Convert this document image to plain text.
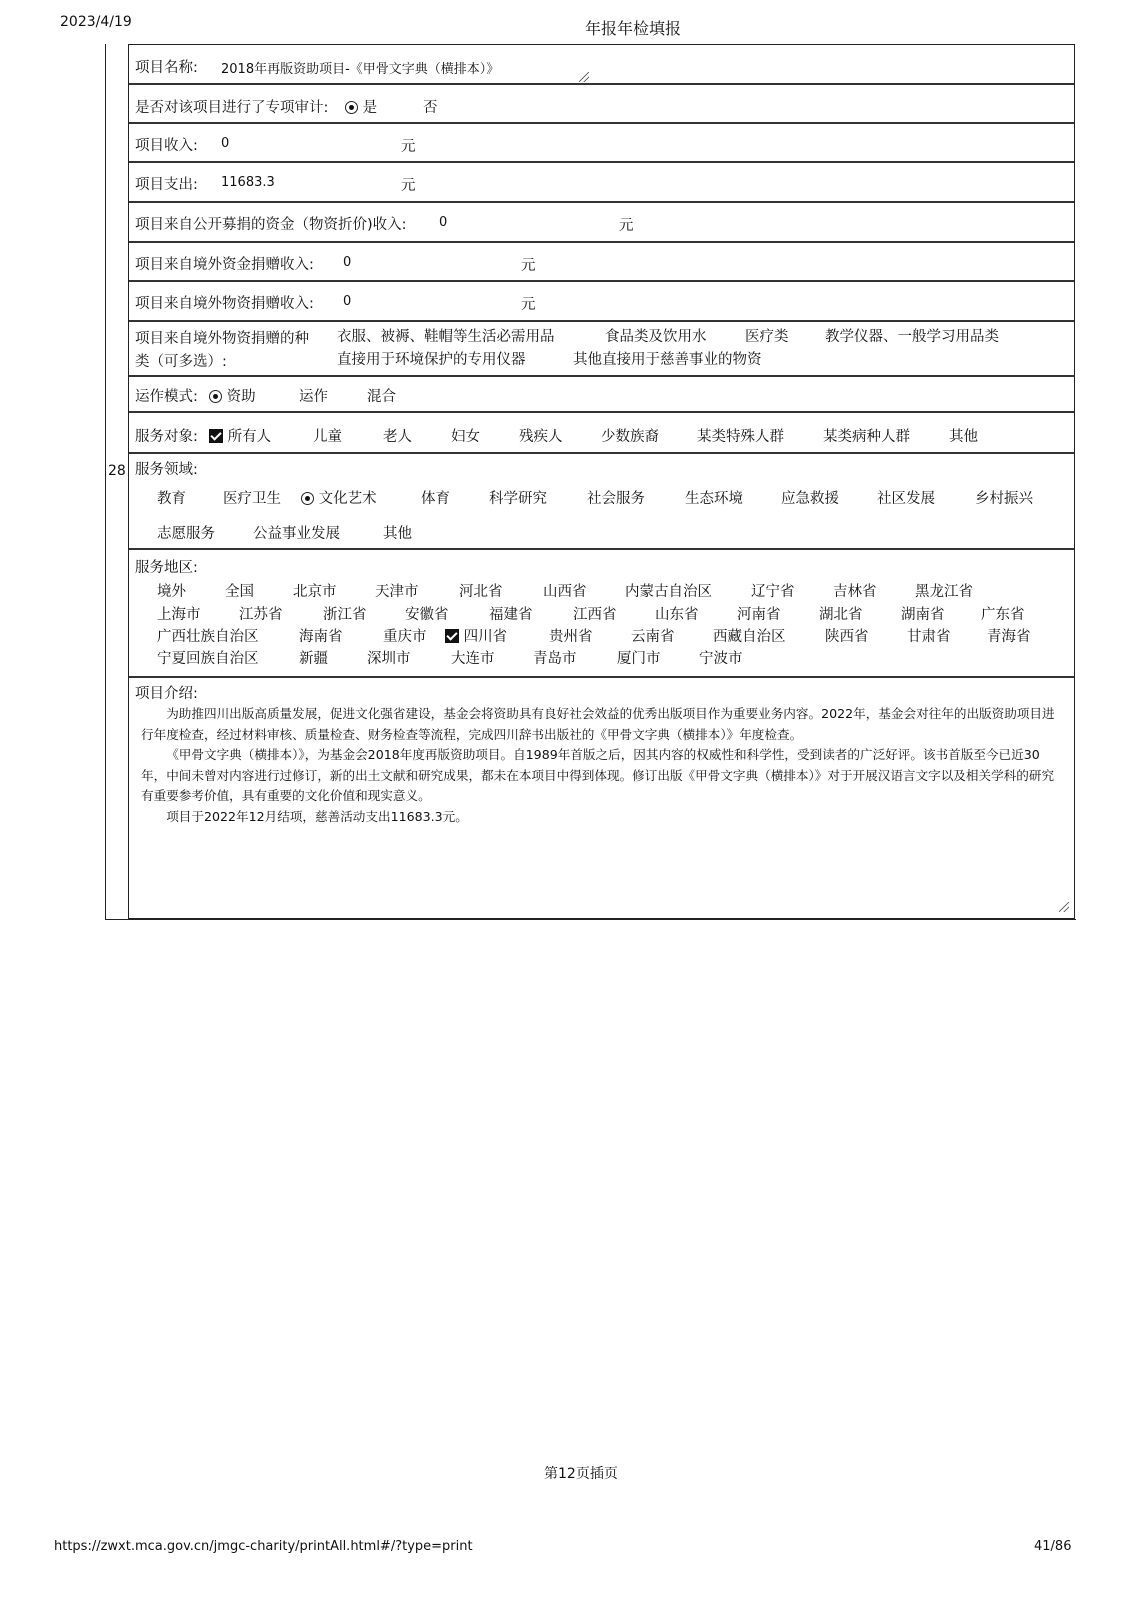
2023/4/19	年报年检填报
28
项目名称: 2018年再版资助项目-《甲骨文字典（横排本）》
是否对该项目进行了专项审计:	是	否
项目收入: 0	元
项目支出: 11683.3	元
项目来自公开募捐的资金（物资折价)收入: 0	元
项目来自境外资金捐赠收入: 0	元
项目来自境外物资捐赠收入: 0	元
项目来自境外物资捐赠的种
类（可多选）:
衣服、被褥、鞋帽等生活必需用品	食品类及饮用水	医疗类	教学仪器、一般学习用品类
直接用于环境保护的专用仪器	其他直接用于慈善事业的物资
运作模式:	资助	运作	混合
服务对象:	所有人	儿童	老人	妇女	残疾人	少数族裔	某类特殊人群	某类病种人群	其他
服务领域:
教育	医疗卫生	文化艺术	体育	科学研究	社会服务	生态环境	应急救援	社区发展	乡村振兴
志愿服务	公益事业发展	其他
服务地区:
境外	全国	北京市	天津市	河北省	山西省	内蒙古自治区	辽宁省	吉林省	黑龙江省
上海市	江苏省	浙江省	安徽省	福建省	江西省	山东省	河南省	湖北省	湖南省	广东省
广西壮族自治区	海南省	重庆市	四川省	贵州省	云南省	西藏自治区	陕西省	甘肃省	青海省
宁夏回族自治区	新疆	深圳市	大连市	青岛市	厦门市	宁波市
项目介绍:

为助推四川出版高质量发展，促进文化强省建设，基金会将资助具有良好社会效益的优秀出版项目作为重要业务内容。2022年，基金会对往年的出版资助项目进行年度检查，经过材料审核、质量检查、财务检查等流程，完成四川辞书出版社的《甲骨文字典（横排本）》年度检查。

《甲骨文字典（横排本）》，为基金会2018年度再版资助项目。自1989年首版之后，因其内容的权威性和科学性，受到读者的广泛好评。该书首版至今已近30年，中间未曾对内容进行过修订，新的出土文献和研究成果，都未在本项目中得到体现。修订出版《甲骨文字典（横排本）》对于开展汉语言文字以及相关学科的研究有重要参考价值，具有重要的文化价值和现实意义。

项目于2022年12月结项，慈善活动支出11683.3元。

第12页插页
https://zwxt.mca.gov.cn/jmgc-charity/printAll.html#/?type=print	41/86
